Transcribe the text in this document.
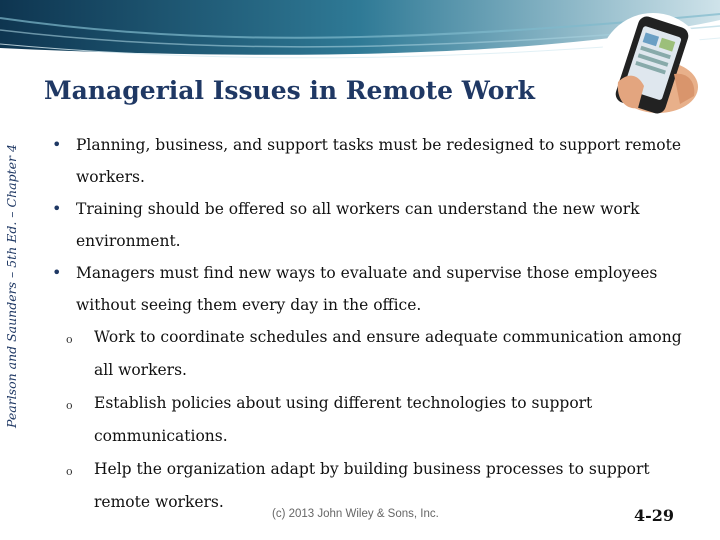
Pearlson and Saunders – 5th Ed. – Chapter 4
Managerial Issues in Remote Work
• Planning, business, and support tasks must be redesigned to support remote workers.
• Training should be offered so all workers can understand the new work environment.
• Managers must find new ways to evaluate and supervise those employees without seeing them every day in the office.
o Work to coordinate schedules and ensure adequate communication among all workers.
o Establish policies about using different technologies to support communications.
o Help the organization adapt by building business processes to support remote workers.
(c) 2013 John Wiley & Sons, Inc.	4-29
